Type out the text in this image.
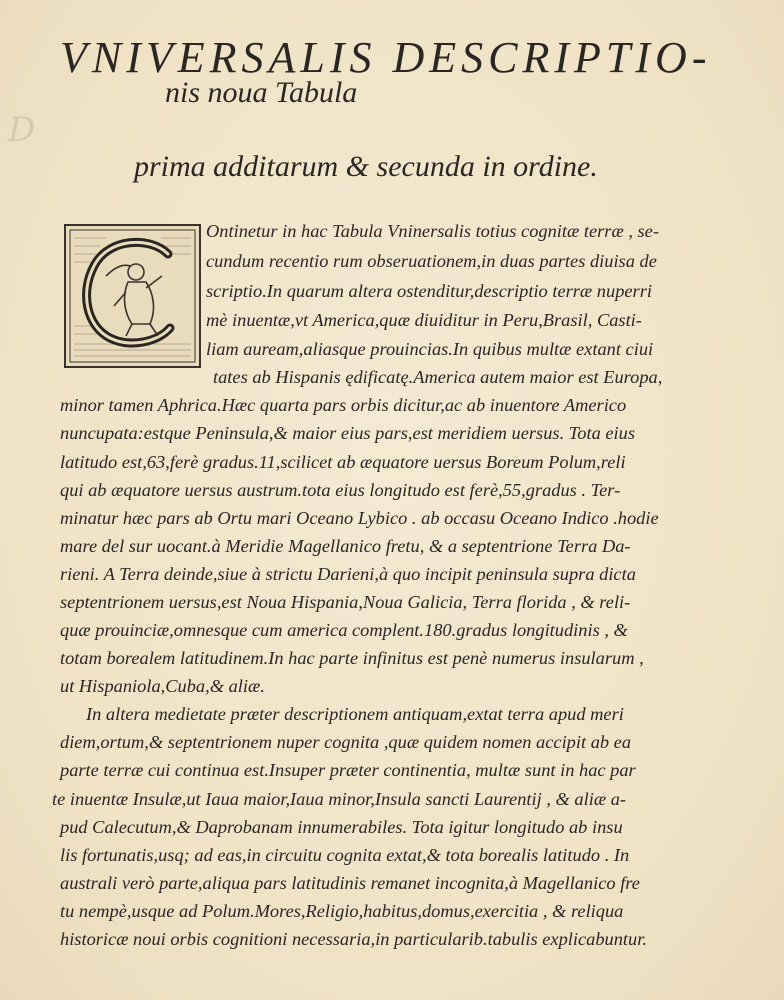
D
VNIVERSALIS DESCRIPTIO-
nis noua Tabula
prima additarum & secunda in ordine.
Ontinetur in hac Tabula Vninersalis totius cognitæ terræ , se-
cundum recentio rum obseruationem,in duas partes diuisa de
scriptio.In quarum altera ostenditur,descriptio terræ nuperri
mè inuentæ,vt America,quæ diuiditur in Peru,Brasil, Casti-
liam auream,aliasque prouincias.In quibus multæ extant ciui
tates ab Hispanis ędificatę.America autem maior est Europa,
minor tamen Aphrica.Hæc quarta pars orbis dicitur,ac ab inuentore Americo
nuncupata:estque Peninsula,& maior eius pars,est meridiem uersus. Tota eius
latitudo est,63,ferè gradus.11,scilicet ab æquatore uersus Boreum Polum,reli
qui ab æquatore uersus austrum.tota eius longitudo est ferè,55,gradus . Ter-
minatur hæc pars ab Ortu mari Oceano Lybico . ab occasu Oceano Indico .hodie
mare del sur uocant.à Meridie Magellanico fretu, & a septentrione Terra Da-
rieni. A Terra deinde,siue à strictu Darieni,à quo incipit peninsula supra dicta
septentrionem uersus,est Noua Hispania,Noua Galicia, Terra florida , & reli-
quæ prouinciæ,omnesque cum america complent.180.gradus longitudinis , &
totam borealem latitudinem.In hac parte infinitus est penè numerus insularum ,
ut Hispaniola,Cuba,& aliæ.
In altera medietate præter descriptionem antiquam,extat terra apud meri
diem,ortum,& septentrionem nuper cognita ,quæ quidem nomen accipit ab ea
parte terræ cui continua est.Insuper præter continentia, multæ sunt in hac par
te inuentæ Insulæ,ut Iaua maior,Iaua minor,Insula sancti Laurentij , & aliæ a-
pud Calecutum,& Daprobanam innumerabiles. Tota igitur longitudo ab insu
lis fortunatis,usq; ad eas,in circuitu cognita extat,& tota borealis latitudo . In
australi verò parte,aliqua pars latitudinis remanet incognita,à Magellanico fre
tu nempè,usque ad Polum.Mores,Religio,habitus,domus,exercitia , & reliqua
historicæ noui orbis cognitioni necessaria,in particularib.tabulis explicabuntur.
